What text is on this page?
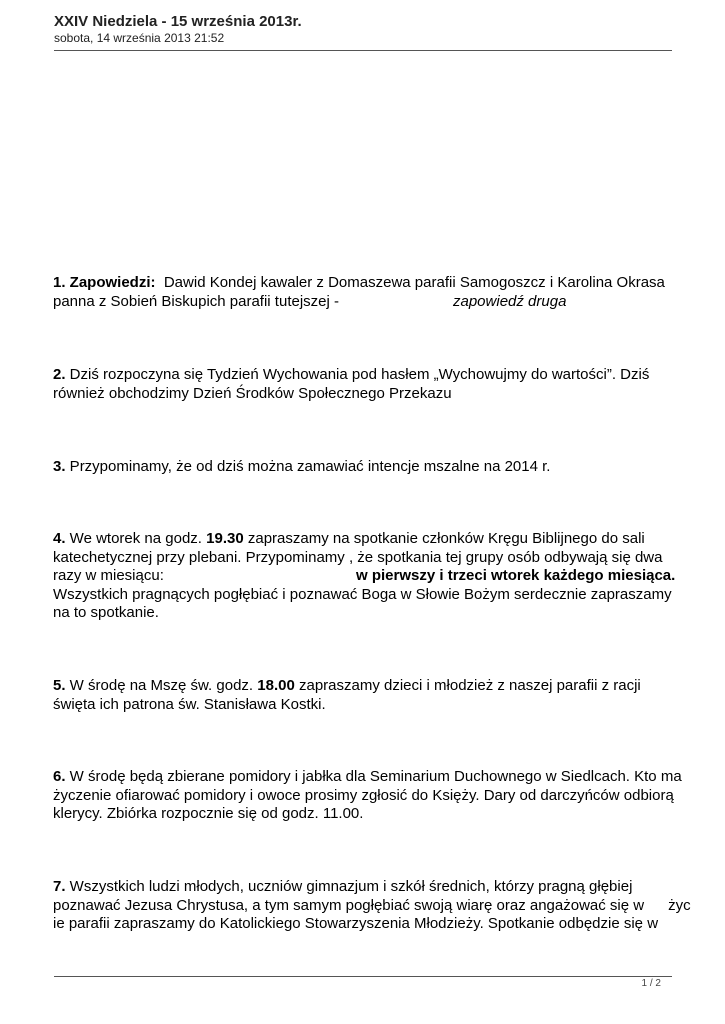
XXIV Niedziela - 15 września 2013r.
sobota, 14 września 2013 21:52

1. Zapowiedzi:  Dawid Kondej kawaler z Domaszewa parafii Samogoszcz i Karolina Okrasa

panna z Sobień Biskupich parafii tutejszej -	zapowiedź druga

2. Dziś rozpoczyna się Tydzień Wychowania pod hasłem „Wychowujmy do wartości”. Dziś

również obchodzimy Dzień Środków Społecznego Przekazu

3. Przypominamy, że od dziś można zamawiać intencje mszalne na 2014 r.

4. We wtorek na godz. 19.30 zapraszamy na spotkanie członków Kręgu Biblijnego do sali

katechetycznej przy plebani. Przypominamy , że spotkania tej grupy osób odbywają się dwa

razy w miesiącu:	w pierwszy i trzeci wtorek każdego miesiąca.

Wszystkich pragnących pogłębiać i poznawać Boga w Słowie Bożym serdecznie zapraszamy

na to spotkanie.

5. W środę na Mszę św. godz. 18.00 zapraszamy dzieci i młodzież z naszej parafii z racji

święta ich patrona św. Stanisława Kostki.

6. W środę będą zbierane pomidory i jabłka dla Seminarium Duchownego w Siedlcach. Kto ma

życzenie ofiarować pomidory i owoce prosimy zgłosić do Księży. Dary od darczyńców odbiorą

klerycy. Zbiórka rozpocznie się od godz. 11.00.

7. Wszystkich ludzi młodych, uczniów gimnazjum i szkół średnich, którzy pragną głębiej

poznawać Jezusa Chrystusa, a tym samym pogłębiać swoją wiarę oraz angażować się w życ

ie parafii zapraszamy do Katolickiego Stowarzyszenia Młodzieży. Spotkanie odbędzie się w

1 / 2
